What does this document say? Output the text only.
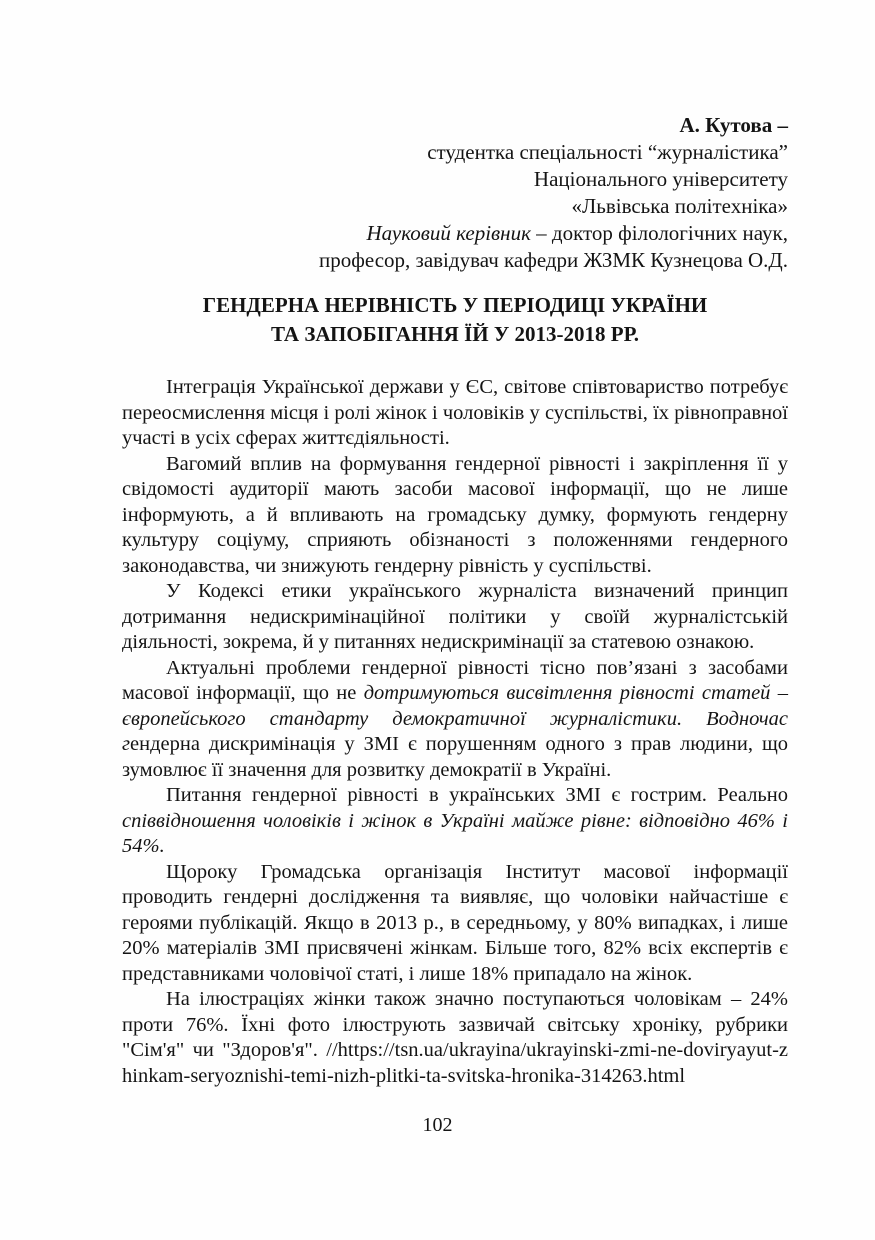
А. Кутова –
студентка спеціальності “журналістика”
Національного університету
«Львівська політехніка»
Науковий керівник – доктор філологічних наук,
професор, завідувач кафедри ЖЗМК Кузнецова О.Д.
ГЕНДЕРНА НЕРІВНІСТЬ У ПЕРІОДИЦІ УКРАЇНИ
ТА ЗАПОБІГАННЯ ЇЙ У 2013-2018 РР.

Інтеграція Української держави у ЄС, світове співтовариство потребує переосмислення місця і ролі жінок і чоловіків у суспільстві, їх рівноправної участі в усіх сферах життєдіяльності.

Вагомий вплив на формування гендерної рівності і закріплення її у свідомості аудиторії мають засоби масової інформації, що не лише інформують, а й впливають на громадську думку, формують гендерну культуру соціуму, сприяють обізнаності з положеннями гендерного законодавства, чи знижують гендерну рівність у суспільстві.

У Кодексі етики українського журналіста визначений принцип дотримання недискримінаційної політики у своїй журналістській діяльності, зокрема, й у питаннях недискримінації за статевою ознакою.

Актуальні проблеми гендерної рівності тісно пов’язані з засобами масової інформації, що не дотримуються висвітлення рівності статей – європейського стандарту демократичної журналістики. Водночас гендерна дискримінація у ЗМІ є порушенням одного з прав людини, що зумовлює її значення для розвитку демократії в Україні.

Питання гендерної рівності в українських ЗМІ є гострим. Реально співвідношення чоловіків і жінок в Україні майже рівне: відповідно 46% і 54%.

Щороку Громадська організація Інститут масової інформації проводить гендерні дослідження та виявляє, що чоловіки найчастіше є героями публікацій. Якщо в 2013 р., в середньому, у 80% випадках, і лише 20% матеріалів ЗМІ присвячені жінкам. Більше того, 82% всіх експертів є представниками чоловічої статі, і лише 18% припадало на жінок.

На ілюстраціях жінки також значно поступаються чоловікам – 24% проти 76%. Їхні фото ілюструють зазвичай світську хроніку, рубрики "Сім'я" чи "Здоров'я". //https://tsn.ua/ukrayina/ukrayinski-zmi-ne-doviryayut-zhinkam-seryoznishi-temi-nizh-plitki-ta-svitska-hronika-314263.html

102
